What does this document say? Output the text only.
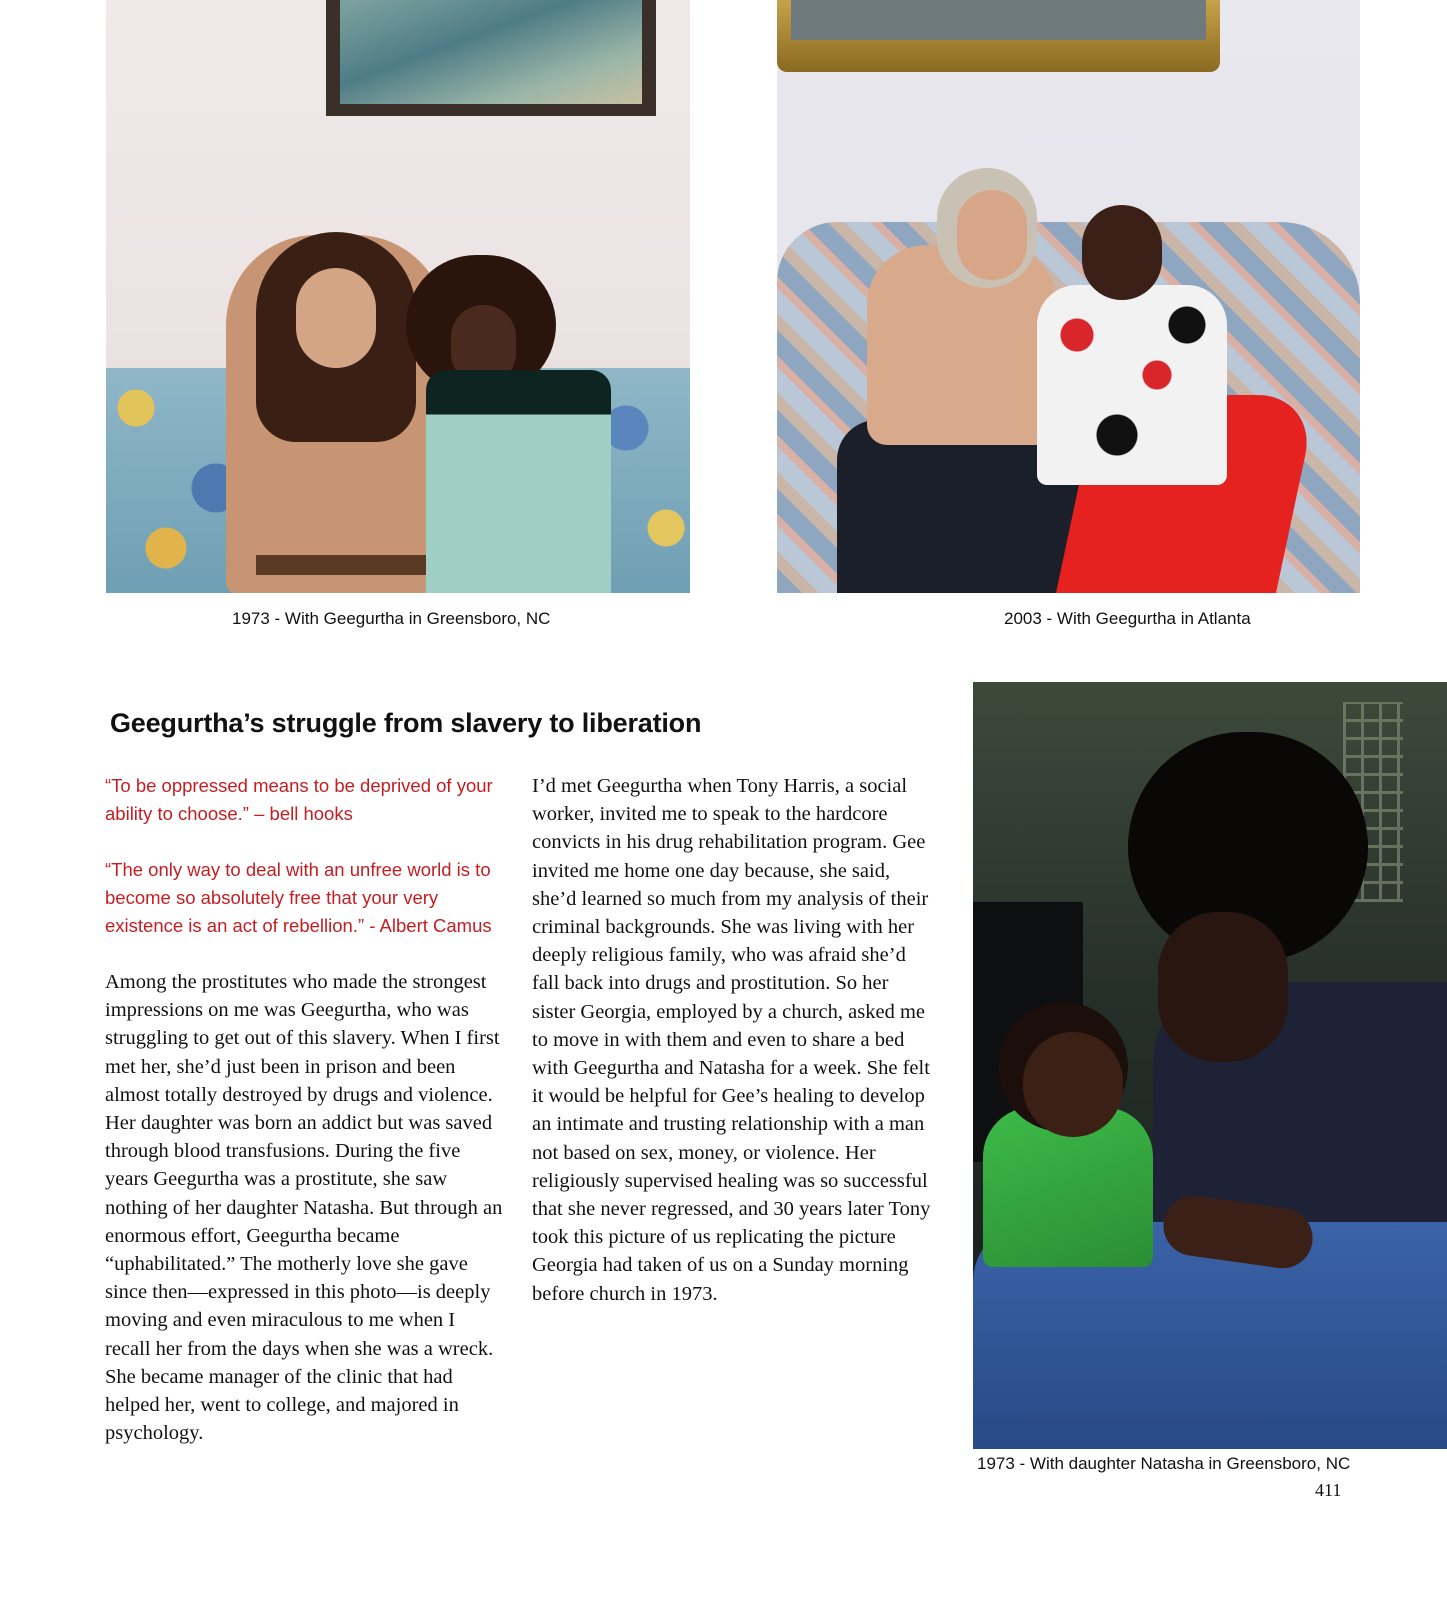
1973 - With Geegurtha in Greensboro, NC	2003 - With Geegurtha in Atlanta
Geegurtha’s struggle from slavery to liberation

“To be oppressed means to be deprived of your ability to choose.” – bell hooks

“The only way to deal with an unfree world is to become so absolutely free that your very existence is an act of rebellion.” - Albert Camus

Among the prostitutes who made the strongest impressions on me was Geegurtha, who was struggling to get out of this slavery. When I first met her, she’d just been in prison and been almost totally destroyed by drugs and violence. Her daughter was born an addict but was saved through blood transfusions. During the five years Geegurtha was a prostitute, she saw nothing of her daughter Natasha. But through an enormous effort, Geegurtha became “uphabilitated.” The motherly love she gave since then—expressed in this photo—is deeply moving and even miraculous to me when I recall her from the days when she was a wreck. She became manager of the clinic that had helped her, went to college, and majored in psychology.

I’d met Geegurtha when Tony Harris, a social worker, invited me to speak to the hardcore convicts in his drug rehabilitation program. Gee invited me home one day because, she said, she’d learned so much from my analysis of their criminal backgrounds. She was living with her deeply religious family, who was afraid she’d fall back into drugs and prostitution. So her sister Georgia, employed by a church, asked me to move in with them and even to share a bed with Geegurtha and Natasha for a week. She felt it would be helpful for Gee’s healing to develop an intimate and trusting relationship with a man not based on sex, money, or violence. Her religiously supervised healing was so successful that she never regressed, and 30 years later Tony took this picture of us replicating the picture Georgia had taken of us on a Sunday morning before church in 1973.

1973 - With daughter Natasha in Greensboro, NC
411
